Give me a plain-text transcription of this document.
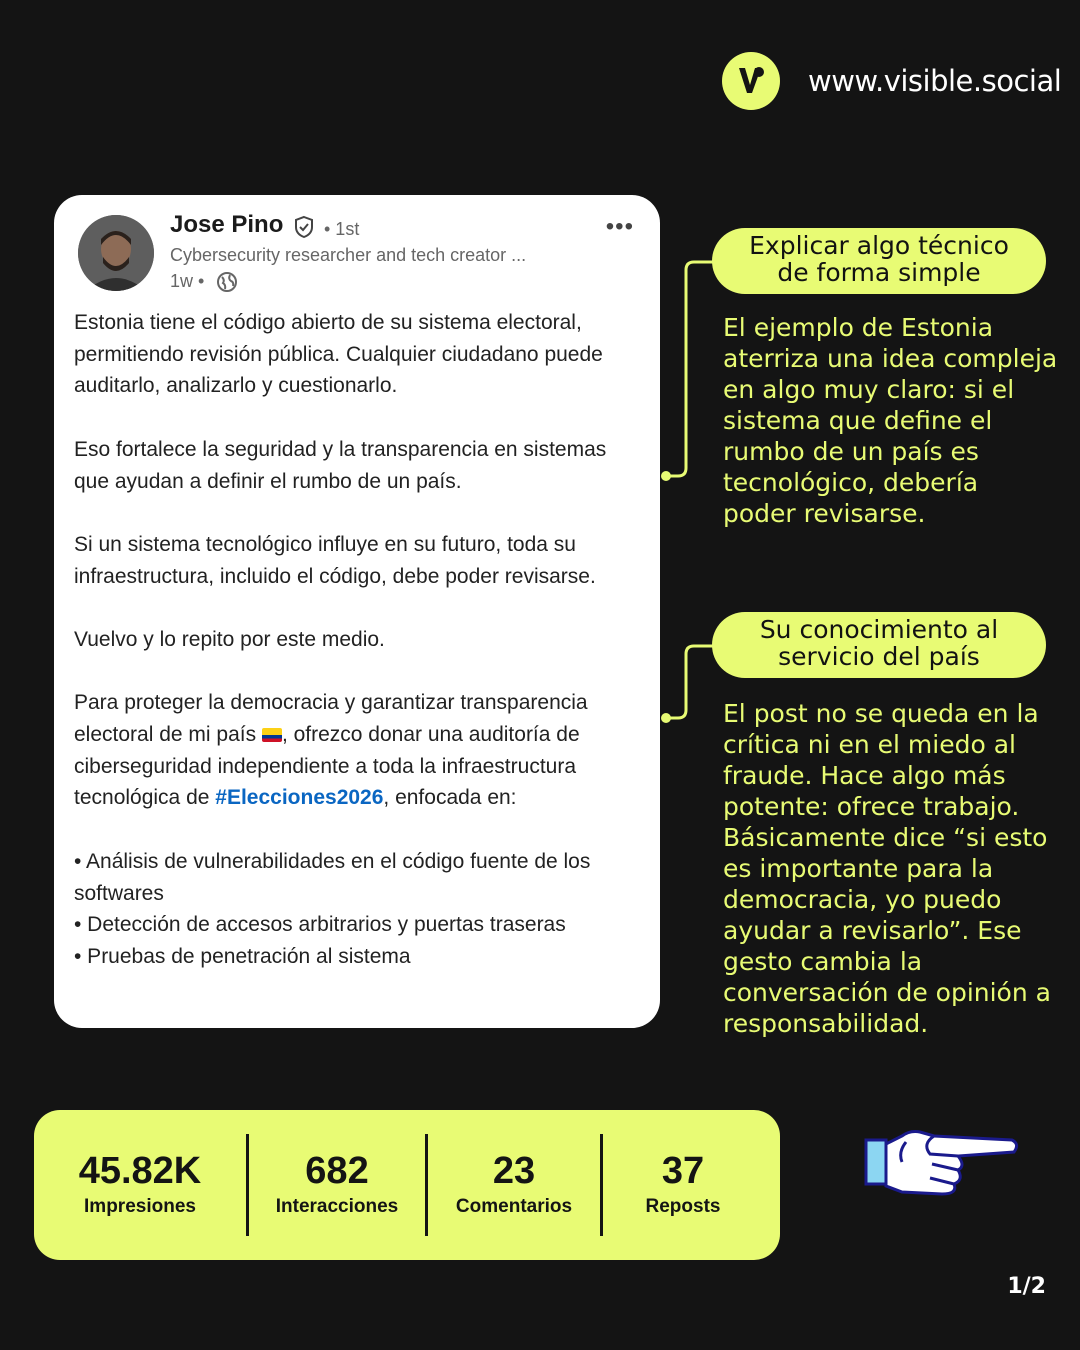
www.visible.social
Jose Pino • 1st
Cybersecurity researcher and tech creator ...
1w •
•••

Estonia tiene el código abierto de su sistema electoral, permitiendo revisión pública. Cualquier ciudadano puede auditarlo, analizarlo y cuestionarlo.

Eso fortalece la seguridad y la transparencia en sistemas que ayudan a definir el rumbo de un país.

Si un sistema tecnológico influye en su futuro, toda su infraestructura, incluido el código, debe poder revisarse.

Vuelvo y lo repito por este medio.

Para proteger la democracia y garantizar transparencia electoral de mi país , ofrezco donar una auditoría de ciberseguridad independiente a toda la infraestructura tecnológica de #Elecciones2026, enfocada en:

• Análisis de vulnerabilidades en el código fuente de los softwares
• Detección de accesos arbitrarios y puertas traseras
• Pruebas de penetración al sistema
Explicar algo técnico
de forma simple
El ejemplo de Estonia aterriza una idea compleja en algo muy claro: si el sistema que define el rumbo de un país es tecnológico, debería poder revisarse.
Su conocimiento al
servicio del país
El post no se queda en la crítica ni en el miedo al fraude. Hace algo más potente: ofrece trabajo. Básicamente dice “si esto es importante para la democracia, yo puedo ayudar a revisarlo”. Ese gesto cambia la conversación de opinión a responsabilidad.
45.82K
Impresiones
682
Interacciones
23
Comentarios
37
Reposts
1/2
